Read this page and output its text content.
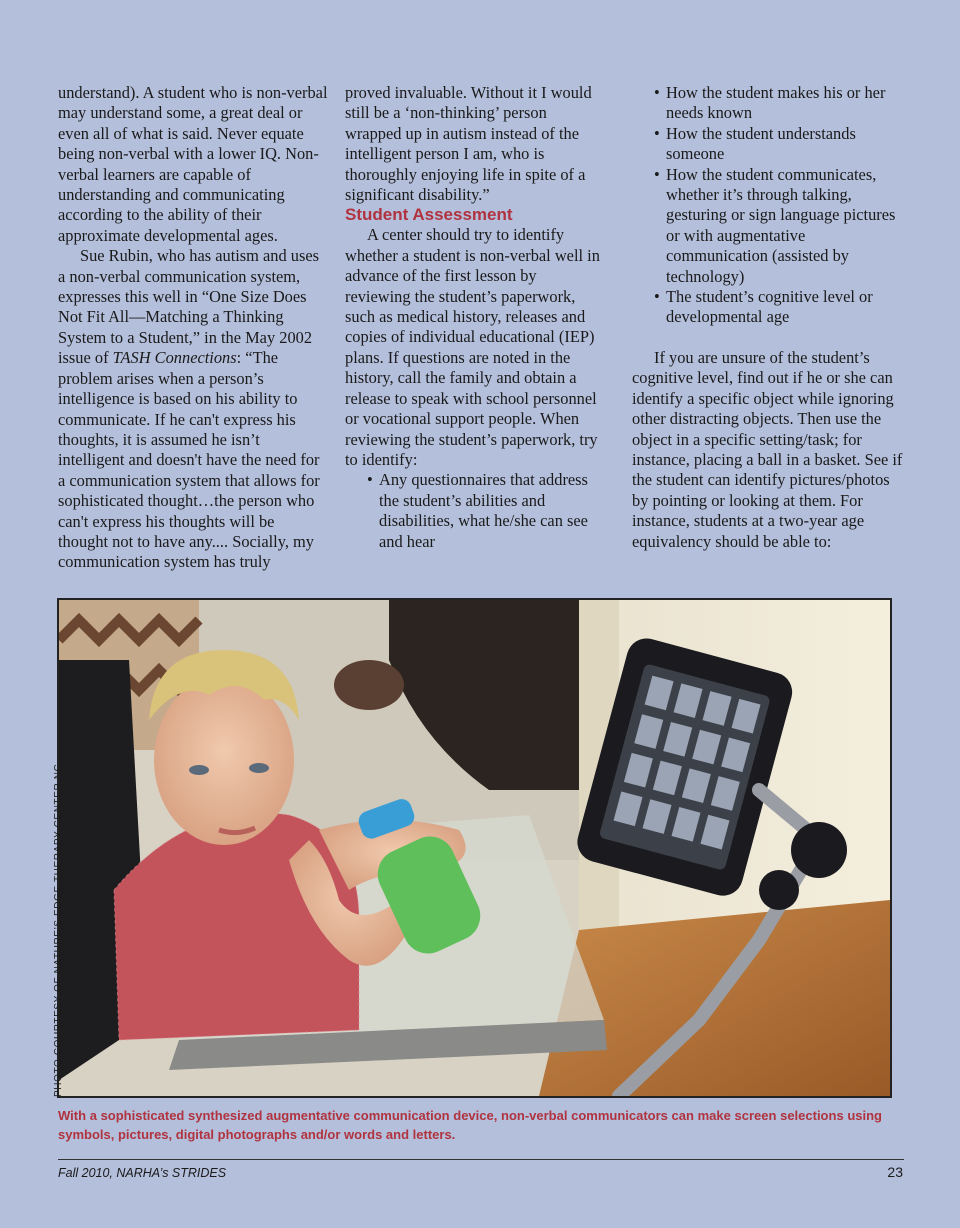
understand). A student who is non-verbal may understand some, a great deal or even all of what is said. Never equate being non-verbal with a lower IQ. Non-verbal learners are capable of understanding and communicating according to the ability of their approximate developmental ages.

Sue Rubin, who has autism and uses a non-verbal communication system, expresses this well in “One Size Does Not Fit All—Matching a Thinking System to a Student,” in the May 2002 issue of TASH Connections: “The problem arises when a person’s intelligence is based on his ability to communicate. If he can't express his thoughts, it is assumed he isn’t intelligent and doesn't have the need for a communication system that allows for sophisticated thought…the person who can't express his thoughts will be thought not to have any.... Socially, my communication system has truly

proved invaluable. Without it I would still be a ‘non-thinking’ person wrapped up in autism instead of the intelligent person I am, who is thoroughly enjoying life in spite of a significant disability.”

Student Assessment

A center should try to identify whether a student is non-verbal well in advance of the first lesson by reviewing the student’s paperwork, such as medical history, releases and copies of individual educational (IEP) plans. If questions are noted in the history, call the family and obtain a release to speak with school personnel or vocational support people. When reviewing the student’s paperwork, try to identify:

• Any questionnaires that address the student’s abilities and disabilities, what he/she can see and hear
• How the student makes his or her needs known
• How the student understands someone
• How the student communicates, whether it’s through talking, gesturing or sign language pictures or with augmentative communication (assisted by technology)
• The student’s cognitive level or developmental age

If you are unsure of the student’s cognitive level, find out if he or she can identify a specific object while ignoring other distracting objects. Then use the object in a specific setting/task; for instance, placing a ball in a basket. See if the student can identify pictures/photos by pointing or looking at them. For instance, students at a two-year age equivalency should be able to:

PHOTO COURTESY OF NATURE’S EDGE THERAPY CENTER NC
With a sophisticated synthesized augmentative communication device, non-verbal communicators can make screen selections using symbols, pictures, digital photographs and/or words and letters.
Fall 2010, NARHA’s STRIDES	23
